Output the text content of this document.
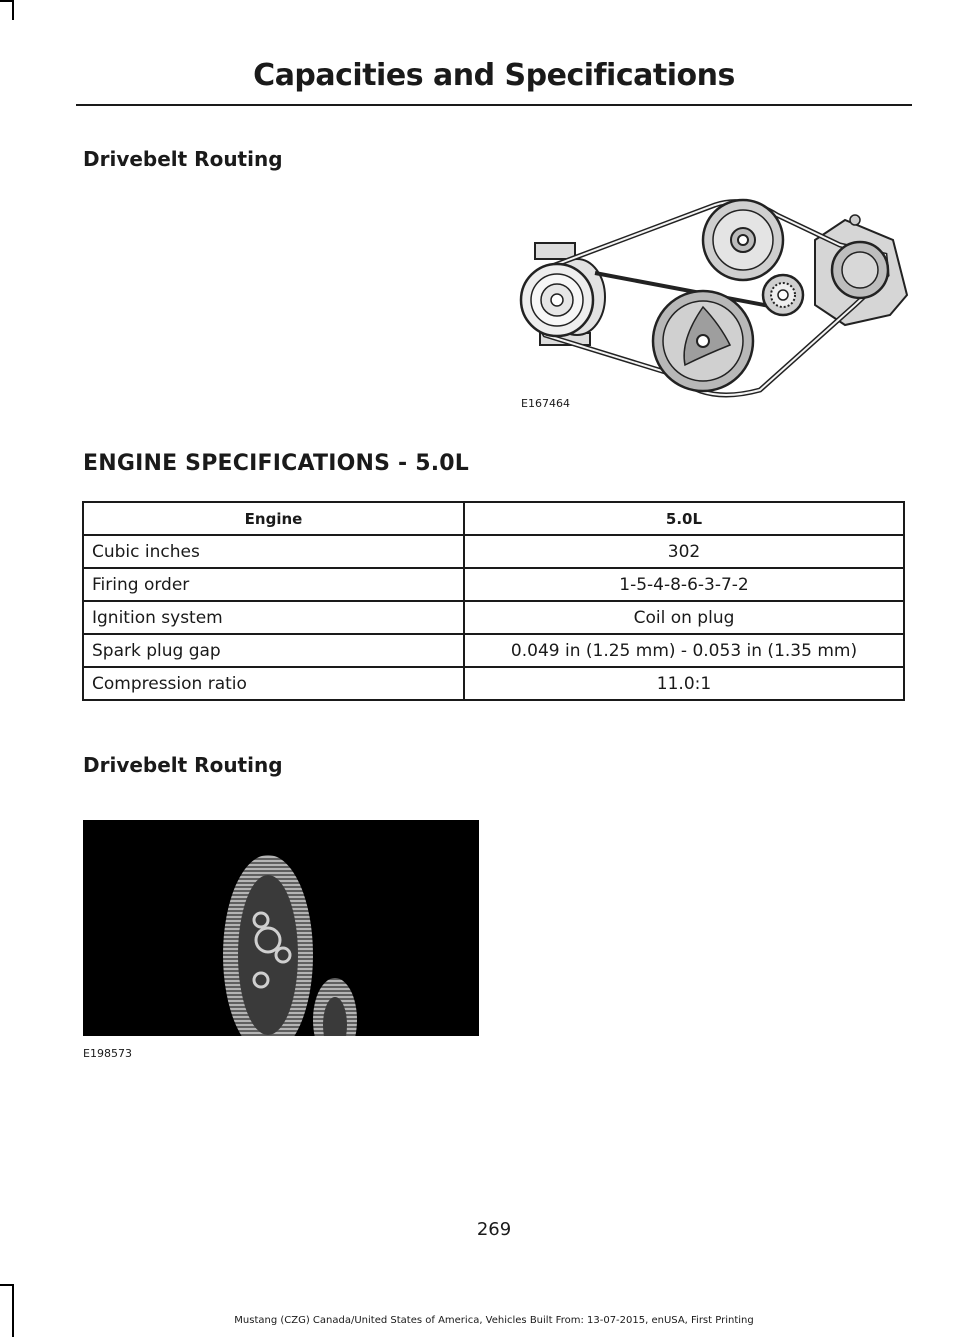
Capacities and Specifications
Drivebelt Routing
E167464
ENGINE SPECIFICATIONS - 5.0L
Engine	5.0L
Cubic inches	302
Firing order	1-5-4-8-6-3-7-2
Ignition system	Coil on plug
Spark plug gap	0.049 in (1.25 mm) - 0.053 in (1.35 mm)
Compression ratio	11.0:1
Drivebelt Routing
E198573
269
Mustang (CZG) Canada/United States of America, Vehicles Built From: 13-07-2015, enUSA, First Printing
